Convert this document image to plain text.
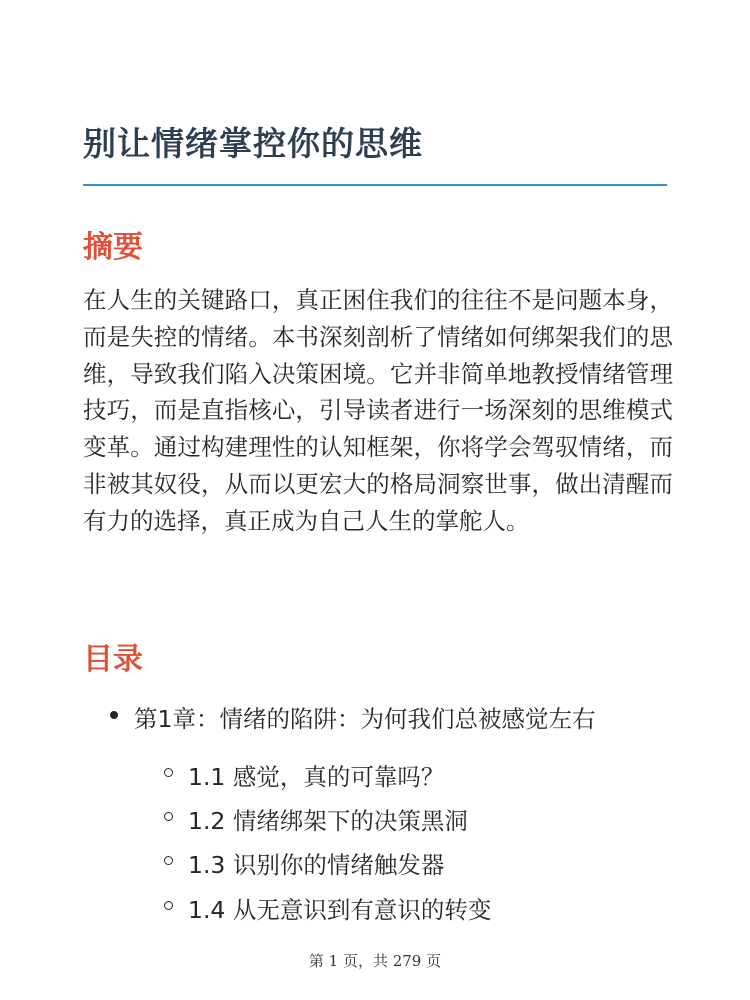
别让情绪掌控你的思维
摘要

在人生的关键路口，真正困住我们的往往不是问题本身，而是失控的情绪。本书深刻剖析了情绪如何绑架我们的思维，导致我们陷入决策困境。它并非简单地教授情绪管理技巧，而是直指核心，引导读者进行一场深刻的思维模式变革。通过构建理性的认知框架，你将学会驾驭情绪，而非被其奴役，从而以更宏大的格局洞察世事，做出清醒而有力的选择，真正成为自己人生的掌舵人。

目录
第1章：情绪的陷阱：为何我们总被感觉左右
1.1 感觉，真的可靠吗？
1.2 情绪绑架下的决策黑洞
1.3 识别你的情绪触发器
1.4 从无意识到有意识的转变
第 1 页，共 279 页
